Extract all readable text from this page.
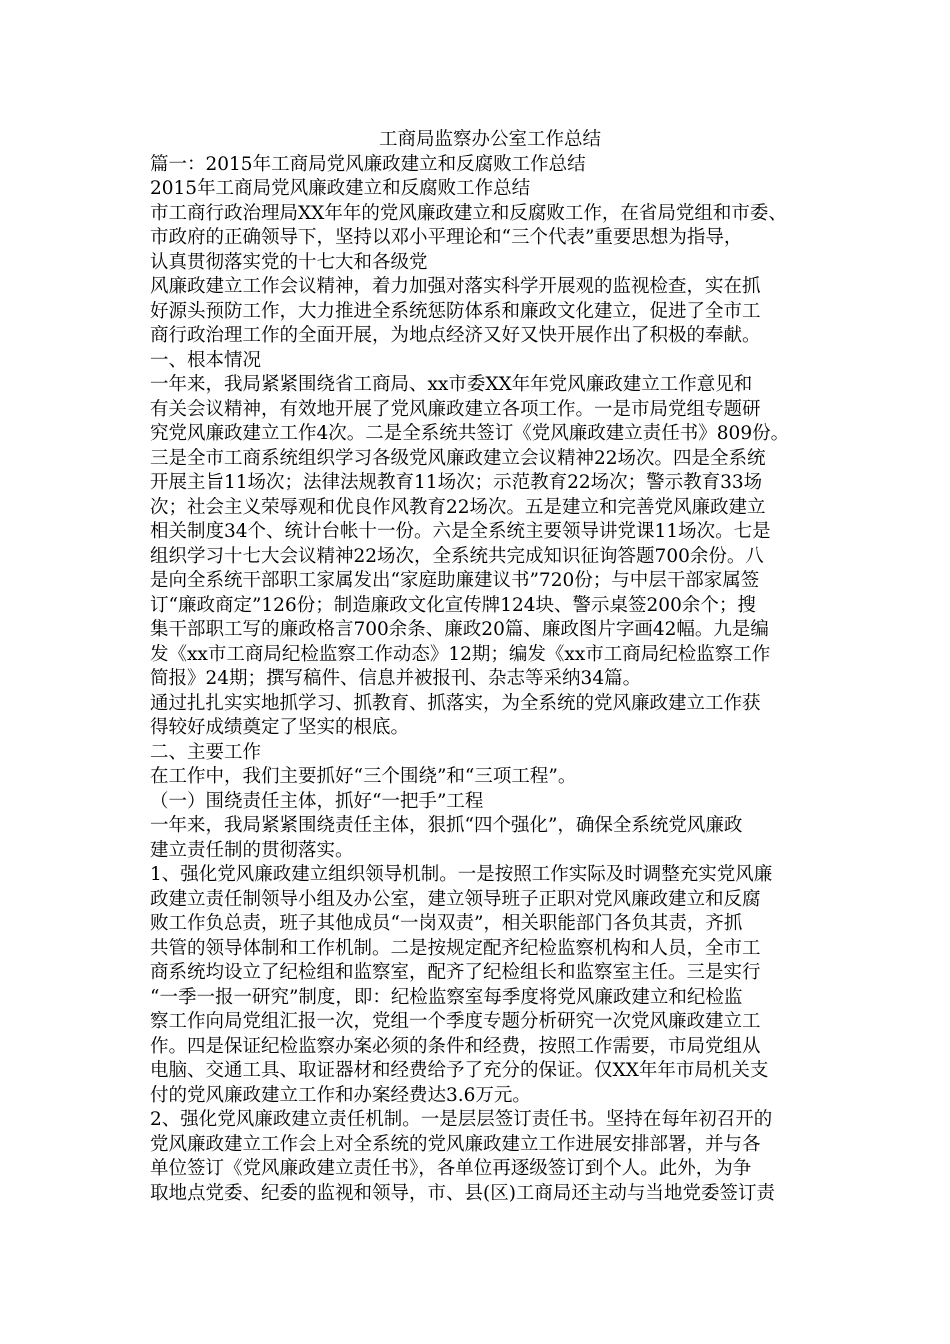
工商局监察办公室工作总结
篇一：2015年工商局党风廉政建立和反腐败工作总结
2015年工商局党风廉政建立和反腐败工作总结
市工商行政治理局XX年年的党风廉政建立和反腐败工作，在省局党组和市委、
市政府的正确领导下，坚持以邓小平理论和“三个代表”重要思想为指导，
认真贯彻落实党的十七大和各级党
风廉政建立工作会议精神，着力加强对落实科学开展观的监视检查，实在抓
好源头预防工作，大力推进全系统惩防体系和廉政文化建立，促进了全市工
商行政治理工作的全面开展，为地点经济又好又快开展作出了积极的奉献。
一、根本情况
一年来，我局紧紧围绕省工商局、xx市委XX年年党风廉政建立工作意见和
有关会议精神，有效地开展了党风廉政建立各项工作。一是市局党组专题研
究党风廉政建立工作4次。二是全系统共签订《党风廉政建立责任书》809份。
三是全市工商系统组织学习各级党风廉政建立会议精神22场次。四是全系统
开展主旨11场次；法律法规教育11场次；示范教育22场次；警示教育33场
次；社会主义荣辱观和优良作风教育22场次。五是建立和完善党风廉政建立
相关制度34个、统计台帐十一份。六是全系统主要领导讲党课11场次。七是
组织学习十七大会议精神22场次，全系统共完成知识征询答题700余份。八
是向全系统干部职工家属发出“家庭助廉建议书”720份；与中层干部家属签
订“廉政商定”126份；制造廉政文化宣传牌124块、警示桌签200余个；搜
集干部职工写的廉政格言700余条、廉政20篇、廉政图片字画42幅。九是编
发《xx市工商局纪检监察工作动态》12期；编发《xx市工商局纪检监察工作
简报》24期；撰写稿件、信息并被报刊、杂志等采纳34篇。
通过扎扎实实地抓学习、抓教育、抓落实，为全系统的党风廉政建立工作获
得较好成绩奠定了坚实的根底。
二、主要工作
在工作中，我们主要抓好“三个围绕”和“三项工程”。
（一）围绕责任主体，抓好“一把手”工程
一年来，我局紧紧围绕责任主体，狠抓“四个强化”，确保全系统党风廉政
建立责任制的贯彻落实。
1、强化党风廉政建立组织领导机制。一是按照工作实际及时调整充实党风廉
政建立责任制领导小组及办公室，建立领导班子正职对党风廉政建立和反腐
败工作负总责，班子其他成员“一岗双责”，相关职能部门各负其责，齐抓
共管的领导体制和工作机制。二是按规定配齐纪检监察机构和人员，全市工
商系统均设立了纪检组和监察室，配齐了纪检组长和监察室主任。三是实行
“一季一报一研究”制度，即：纪检监察室每季度将党风廉政建立和纪检监
察工作向局党组汇报一次，党组一个季度专题分析研究一次党风廉政建立工
作。四是保证纪检监察办案必须的条件和经费，按照工作需要，市局党组从
电脑、交通工具、取证器材和经费给予了充分的保证。仅XX年年市局机关支
付的党风廉政建立工作和办案经费达3.6万元。
2、强化党风廉政建立责任机制。一是层层签订责任书。坚持在每年初召开的
党风廉政建立工作会上对全系统的党风廉政建立工作进展安排部署，并与各
单位签订《党风廉政建立责任书》，各单位再逐级签订到个人。此外，为争
取地点党委、纪委的监视和领导，市、县(区)工商局还主动与当地党委签订责
